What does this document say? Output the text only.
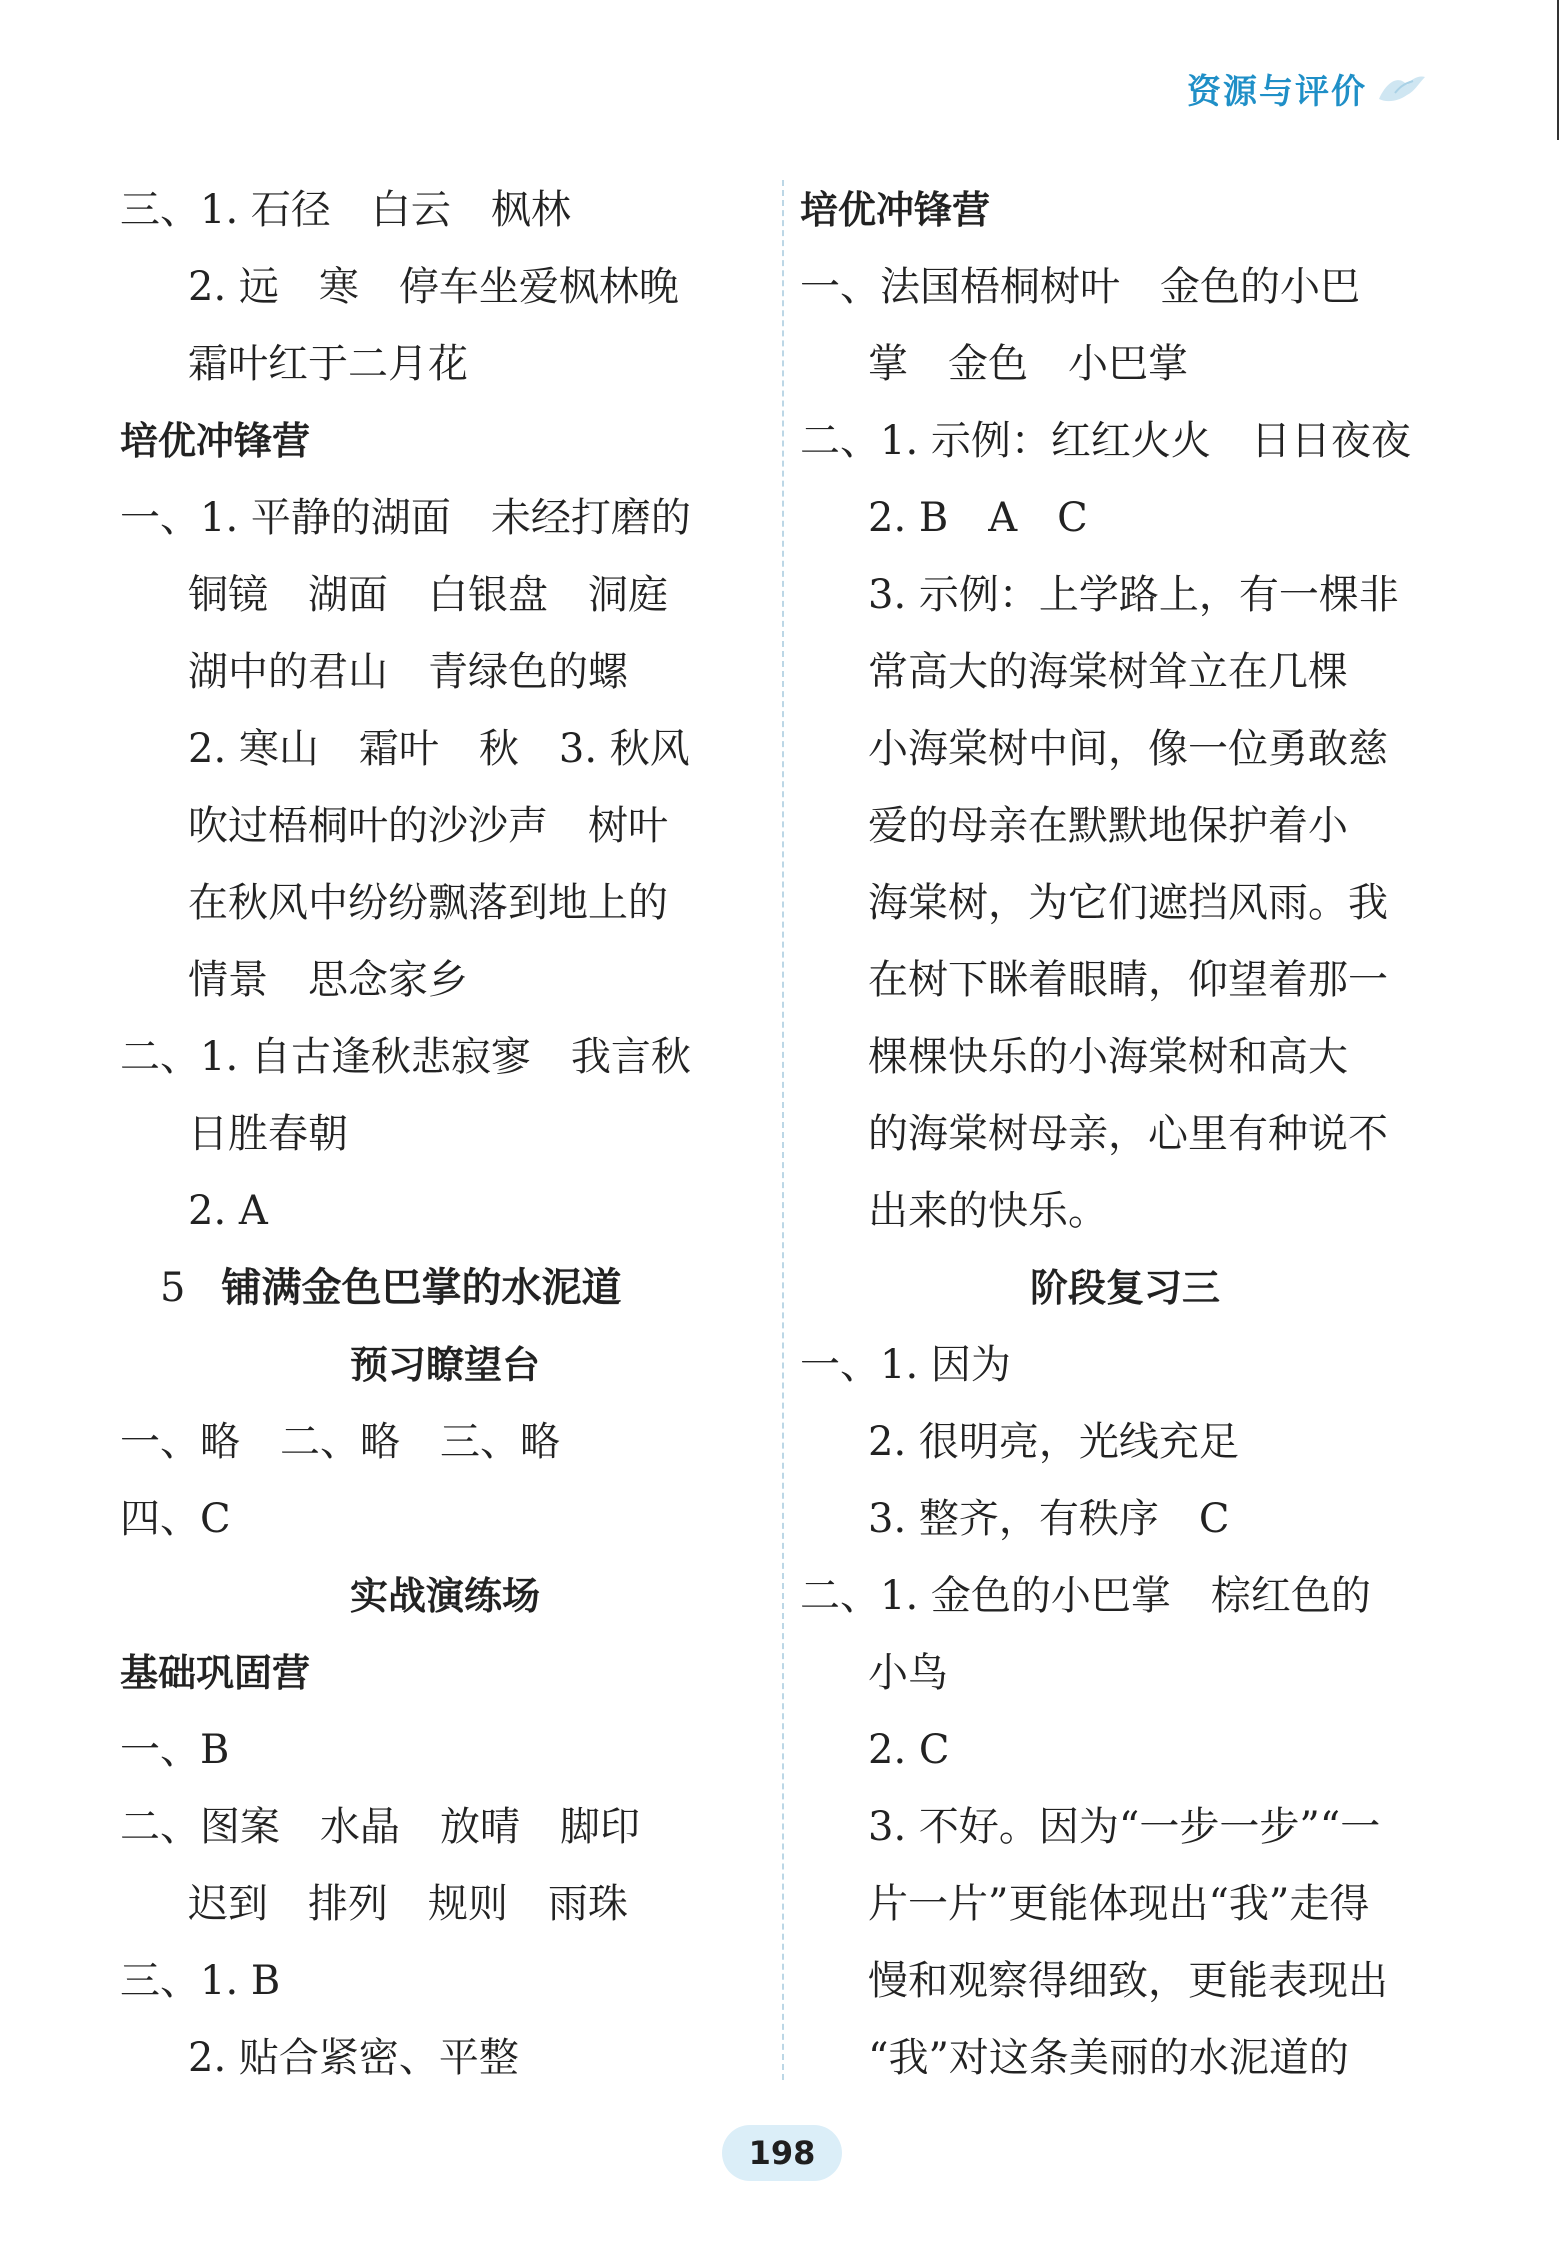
资源与评价
三、1. 石径　白云　枫林
2. 远　寒　停车坐爱枫林晚
霜叶红于二月花
培优冲锋营
一、1. 平静的湖面　未经打磨的
铜镜　湖面　白银盘　洞庭
湖中的君山　青绿色的螺
2. 寒山　霜叶　秋　3. 秋风
吹过梧桐叶的沙沙声　树叶
在秋风中纷纷飘落到地上的
情景　思念家乡
二、1. 自古逢秋悲寂寥　我言秋
日胜春朝
2. A
5 铺满金色巴掌的水泥道
预习瞭望台
一、略　二、略　三、略
四、C
实战演练场
基础巩固营
一、B
二、图案　水晶　放晴　脚印
迟到　排列　规则　雨珠
三、1. B
2. 贴合紧密、平整
培优冲锋营
一、法国梧桐树叶　金色的小巴
掌　金色　小巴掌
二、1. 示例：红红火火　日日夜夜
2. B　A　C
3. 示例：上学路上，有一棵非
常高大的海棠树耸立在几棵
小海棠树中间，像一位勇敢慈
爱的母亲在默默地保护着小
海棠树，为它们遮挡风雨。我
在树下眯着眼睛，仰望着那一
棵棵快乐的小海棠树和高大
的海棠树母亲，心里有种说不
出来的快乐。
阶段复习三
一、1. 因为
2. 很明亮，光线充足
3. 整齐，有秩序　C
二、1. 金色的小巴掌　棕红色的
小鸟
2. C
3. 不好。因为“一步一步”“一
片一片”更能体现出“我”走得
慢和观察得细致，更能表现出
“我”对这条美丽的水泥道的
198
